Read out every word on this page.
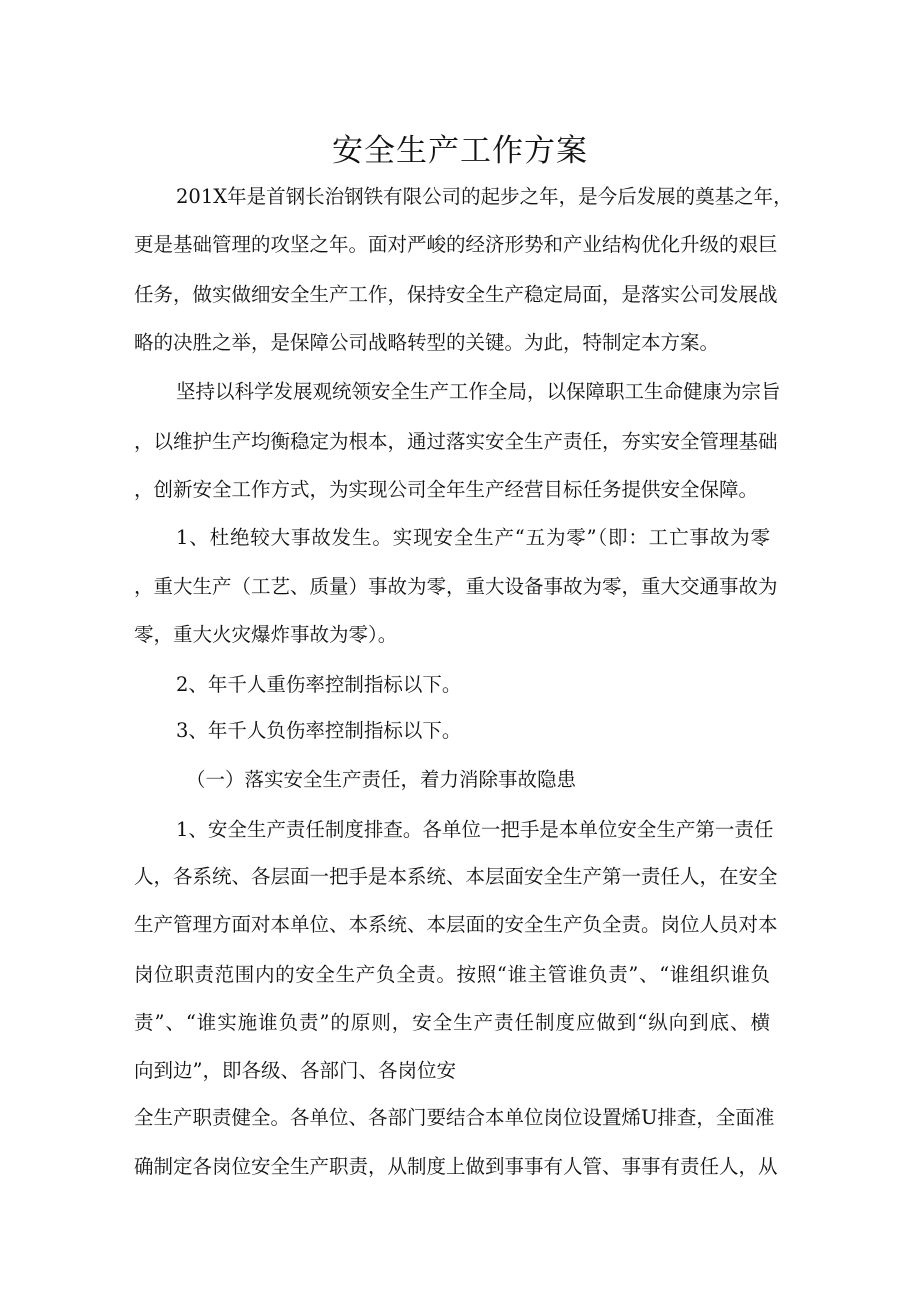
安全生产工作方案
201X年是首钢长治钢铁有限公司的起步之年，是今后发展的奠基之年，
更是基础管理的攻坚之年。面对严峻的经济形势和产业结构优化升级的艰巨
任务，做实做细安全生产工作，保持安全生产稳定局面，是落实公司发展战
略的决胜之举，是保障公司战略转型的关键。为此，特制定本方案。
坚持以科学发展观统领安全生产工作全局，以保障职工生命健康为宗旨
，以维护生产均衡稳定为根本，通过落实安全生产责任，夯实安全管理基础
，创新安全工作方式，为实现公司全年生产经营目标任务提供安全保障。
1、杜绝较大事故发生。实现安全生产“五为零”（即：工亡事故为零
，重大生产（工艺、质量）事故为零，重大设备事故为零，重大交通事故为
零，重大火灾爆炸事故为零）。
2、年千人重伤率控制指标以下。
3、年千人负伤率控制指标以下。
（一）落实安全生产责任，着力消除事故隐患
1、安全生产责任制度排查。各单位一把手是本单位安全生产第一责任
人，各系统、各层面一把手是本系统、本层面安全生产第一责任人，在安全
生产管理方面对本单位、本系统、本层面的安全生产负全责。岗位人员对本
岗位职责范围内的安全生产负全责。按照“谁主管谁负责”、“谁组织谁负
责”、“谁实施谁负责”的原则，安全生产责任制度应做到“纵向到底、横
向到边”，即各级、各部门、各岗位安
全生产职责健全。各单位、各部门要结合本单位岗位设置烯U排查，全面准
确制定各岗位安全生产职责，从制度上做到事事有人管、事事有责任人，从
